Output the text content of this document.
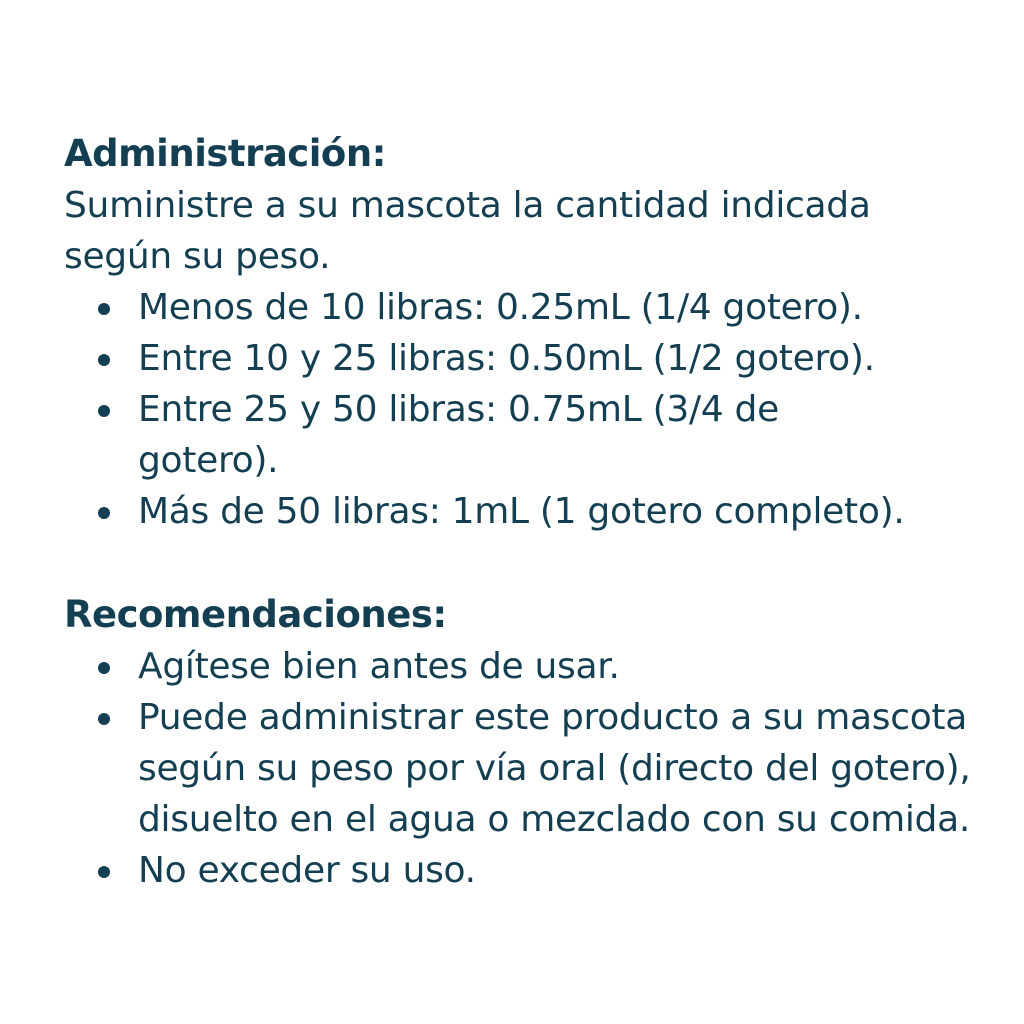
Administración:

Suministre a su mascota la cantidad indicada según su peso.

Menos de 10 libras: 0.25mL (1/4 gotero).
Entre 10 y 25 libras: 0.50mL (1/2 gotero).
Entre 25 y 50 libras: 0.75mL (3/4 de gotero).
Más de 50 libras: 1mL (1 gotero completo).
Recomendaciones:
Agítese bien antes de usar.
Puede administrar este producto a su mascota según su peso por vía oral (directo del gotero), disuelto en el agua o mezclado con su comida.
No exceder su uso.
